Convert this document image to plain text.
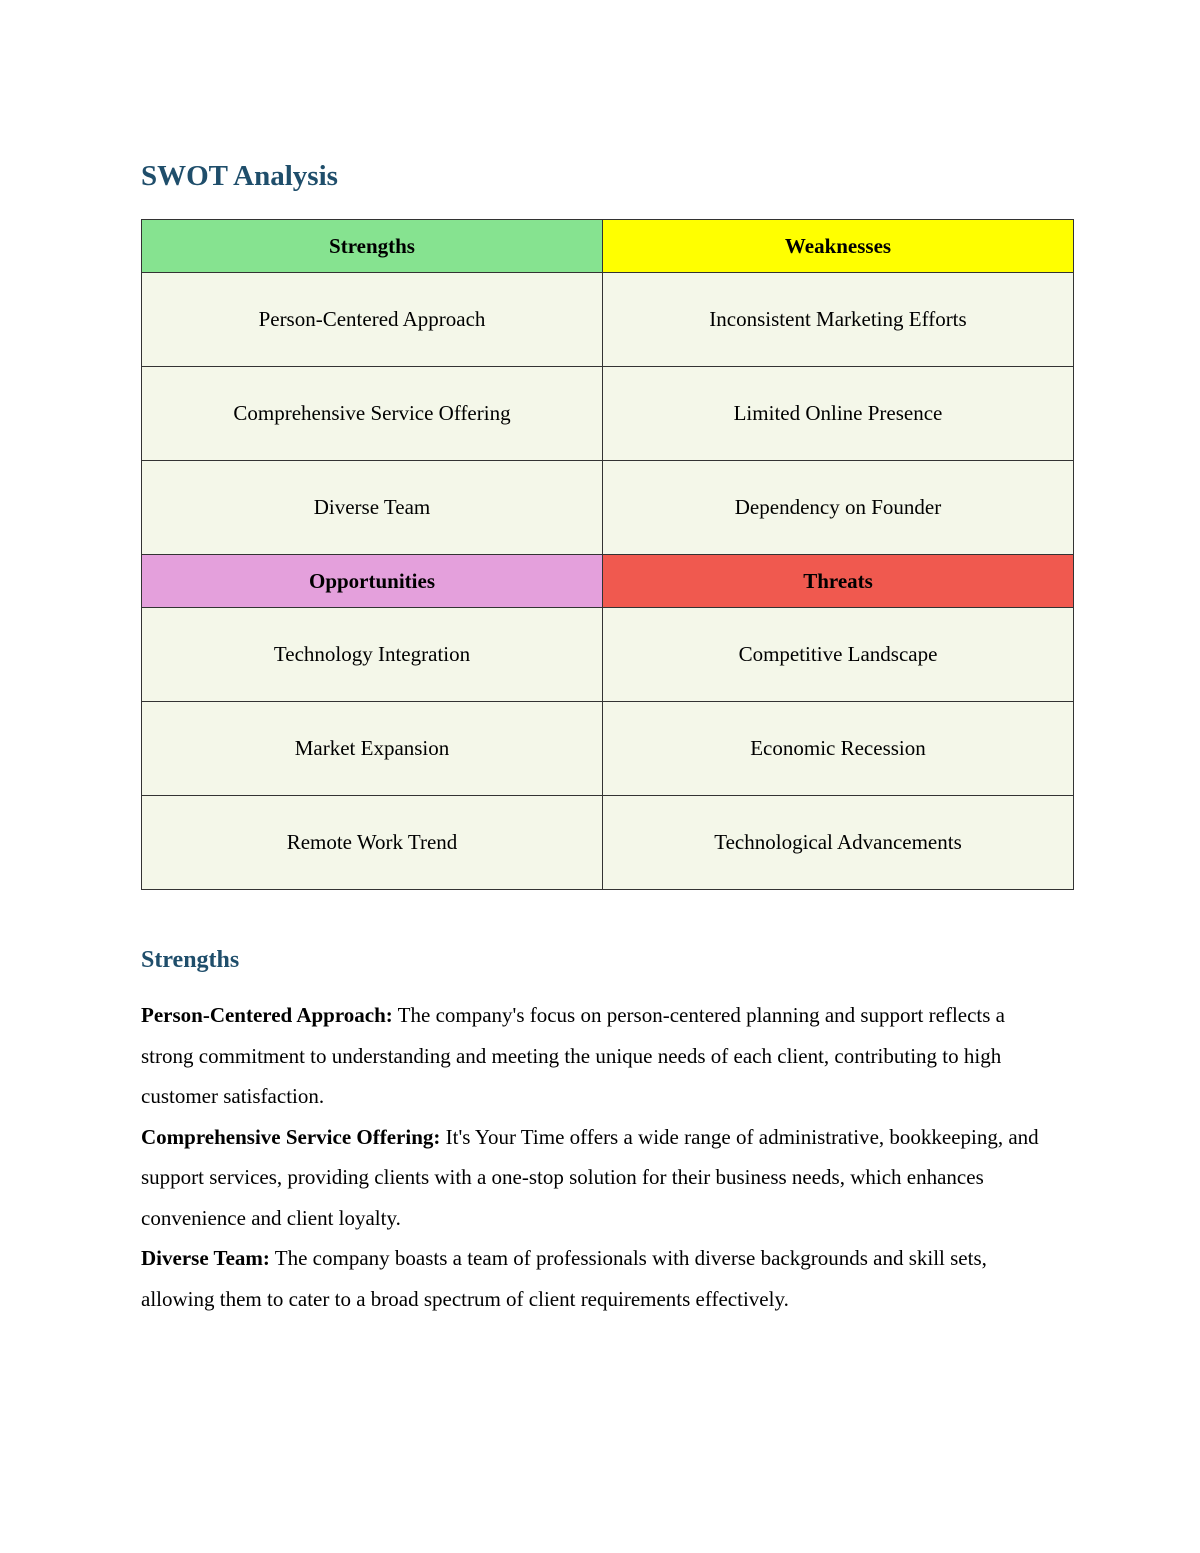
SWOT Analysis
Strengths	Weaknesses
Person-Centered Approach	Inconsistent Marketing Efforts
Comprehensive Service Offering	Limited Online Presence
Diverse Team	Dependency on Founder
Opportunities	Threats
Technology Integration	Competitive Landscape
Market Expansion	Economic Recession
Remote Work Trend	Technological Advancements
Strengths

Person-Centered Approach: The company's focus on person-centered planning and support reflects a strong commitment to understanding and meeting the unique needs of each client, contributing to high customer satisfaction.

Comprehensive Service Offering: It's Your Time offers a wide range of administrative, bookkeeping, and support services, providing clients with a one-stop solution for their business needs, which enhances convenience and client loyalty.

Diverse Team: The company boasts a team of professionals with diverse backgrounds and skill sets, allowing them to cater to a broad spectrum of client requirements effectively.
